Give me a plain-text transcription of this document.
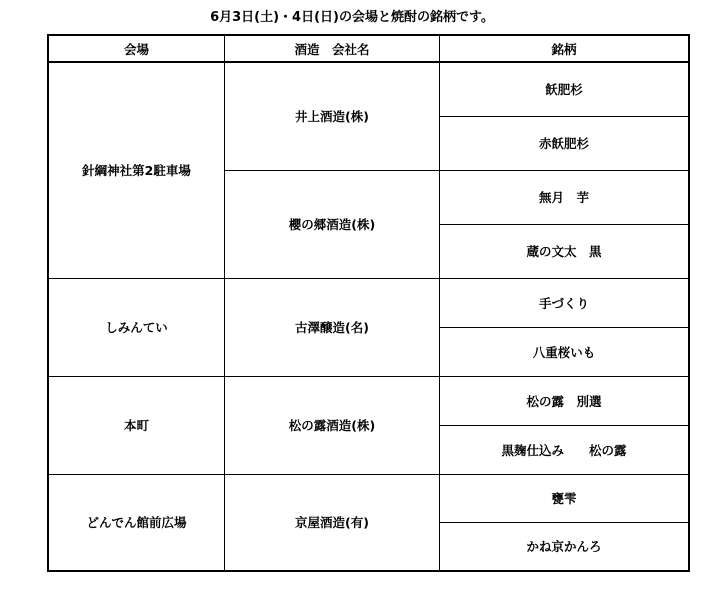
6月3日(土)・4日(日)の会場と焼酎の銘柄です。
会場	酒造　会社名	銘柄
針綱神社第2駐車場	井上酒造(株)	飫肥杉
		赤飫肥杉
	櫻の郷酒造(株)	無月　芋
		蔵の文太　黒
しみんてい	古澤醸造(名)	手づくり
		八重桜いも
本町	松の露酒造(株)	松の露　別選
		黒麹仕込み　　松の露
どんでん館前広場	京屋酒造(有)	甕雫
		かね京かんろ
